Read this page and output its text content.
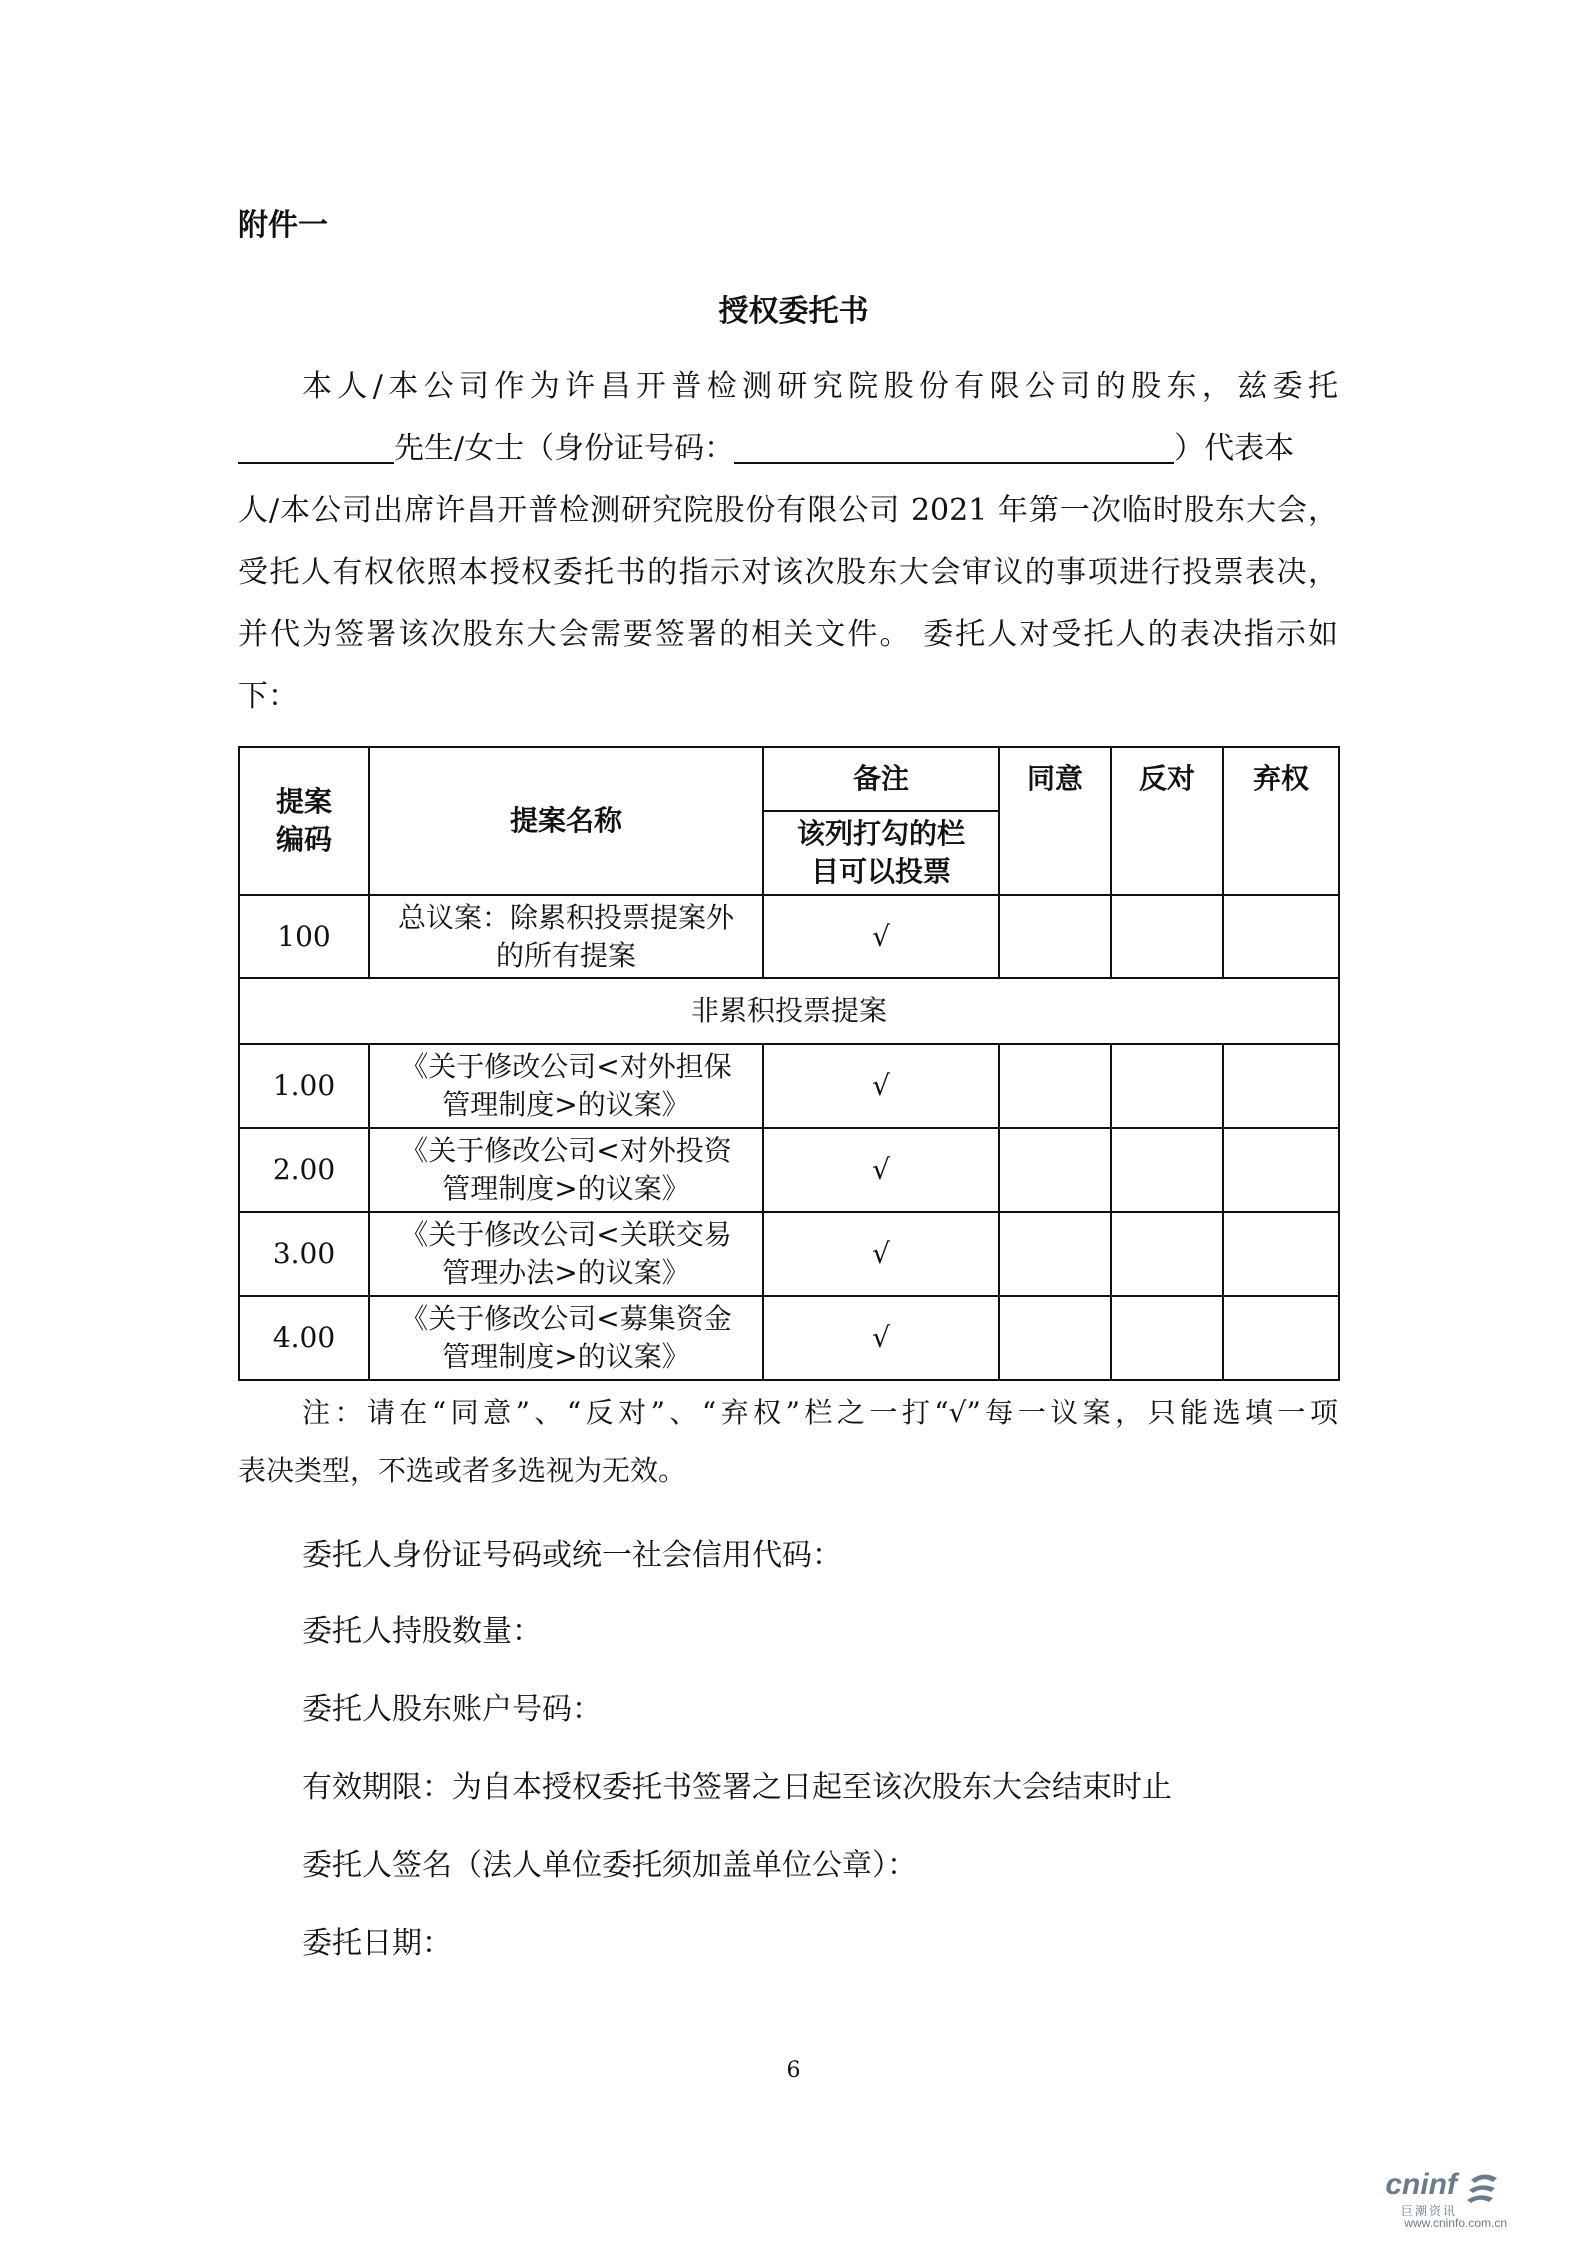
附件一
授权委托书
本人/本公司作为许昌开普检测研究院股份有限公司的股东，兹委托
先生/女士（身份证号码：	）代表本
人/本公司出席许昌开普检测研究院股份有限公司 2021 年第一次临时股东大会，
受托人有权依照本授权委托书的指示对该次股东大会审议的事项进行投票表决，
并代为签署该次股东大会需要签署的相关文件。 委托人对受托人的表决指示如
下：
提案
编码	提案名称	备注	同意	反对	弃权
		该列打勾的栏
目可以投票			
100	总议案：除累积投票提案外
的所有提案	√			
非累积投票提案					
1.00	《关于修改公司<对外担保
管理制度>的议案》	√			
2.00	《关于修改公司<对外投资
管理制度>的议案》	√			
3.00	《关于修改公司<关联交易
管理办法>的议案》	√			
4.00	《关于修改公司<募集资金
管理制度>的议案》	√			
注：请在“同意”、“反对”、“弃权”栏之一打“√”每一议案，只能选填一项
表决类型，不选或者多选视为无效。
委托人身份证号码或统一社会信用代码：
委托人持股数量：
委托人股东账户号码：
有效期限：为自本授权委托书签署之日起至该次股东大会结束时止
委托人签名（法人单位委托须加盖单位公章）：
委托日期：
6
cninf
巨潮资讯
www.cninfo.com.cn
